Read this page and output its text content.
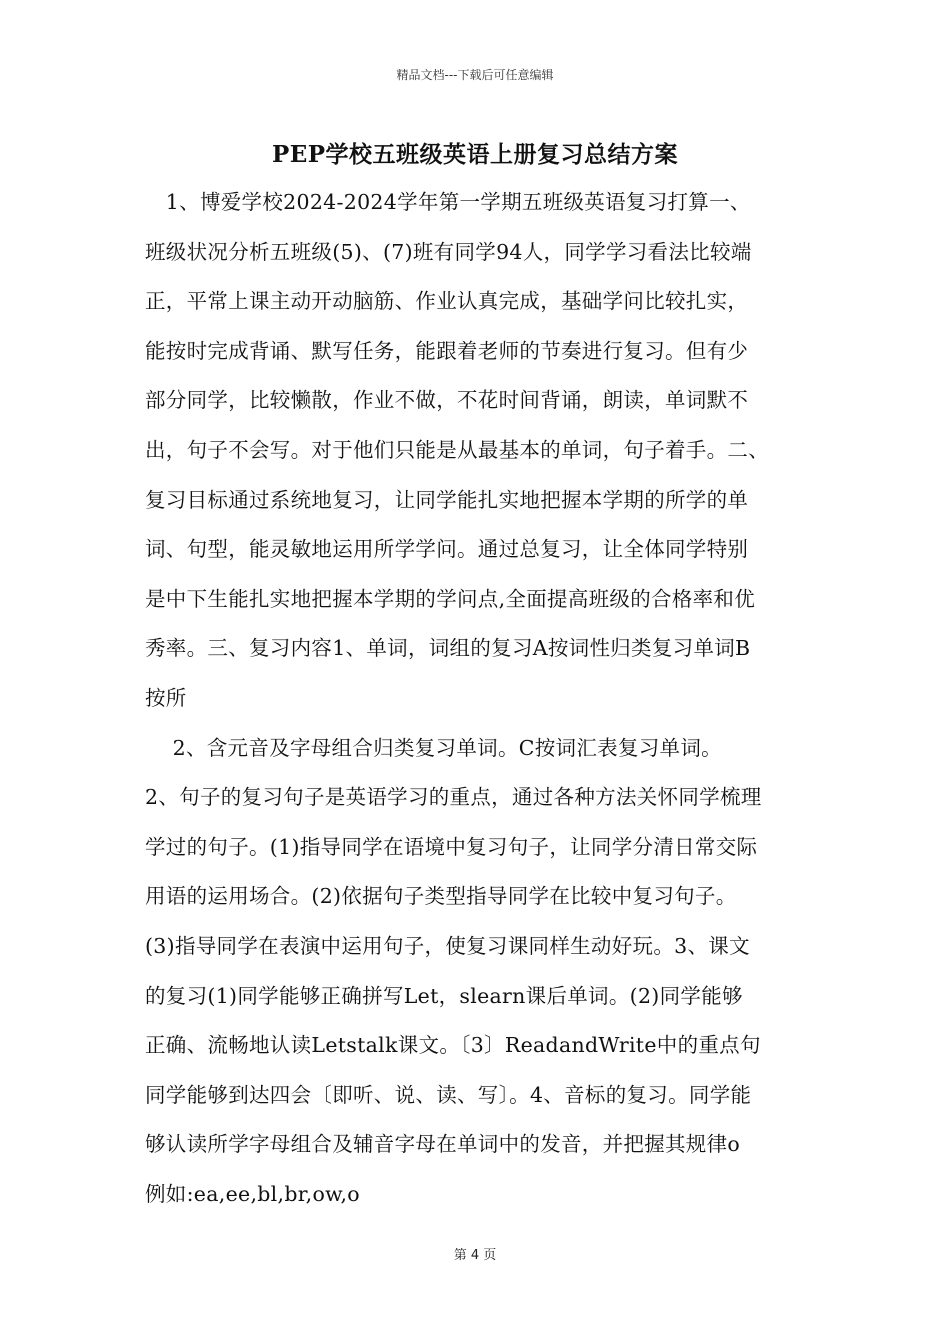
精品文档---下载后可任意编辑
PEP学校五班级英语上册复习总结方案
　1、博爱学校2024-2024学年第一学期五班级英语复习打算一、
班级状况分析五班级(5)、(7)班有同学94人，同学学习看法比较端
正，平常上课主动开动脑筋、作业认真完成，基础学问比较扎实，
能按时完成背诵、默写任务，能跟着老师的节奏进行复习。但有少
部分同学，比较懒散，作业不做，不花时间背诵，朗读，单词默不
出，句子不会写。对于他们只能是从最基本的单词，句子着手。二、
复习目标通过系统地复习，让同学能扎实地把握本学期的所学的单
词、句型，能灵敏地运用所学学问。通过总复习，让全体同学特别
是中下生能扎实地把握本学期的学问点,全面提高班级的合格率和优
秀率。三、复习内容1、单词，词组的复习A按词性归类复习单词B
按所
　 2、含元音及字母组合归类复习单词。C按词汇表复习单词。
2、句子的复习句子是英语学习的重点，通过各种方法关怀同学梳理
学过的句子。(1)指导同学在语境中复习句子，让同学分清日常交际
用语的运用场合。(2)依据句子类型指导同学在比较中复习句子。
(3)指导同学在表演中运用句子，使复习课同样生动好玩。3、课文
的复习(1)同学能够正确拼写Let，slearn课后单词。(2)同学能够
正确、流畅地认读Letstalk课文。〔3〕ReadandWrite中的重点句
同学能够到达四会〔即听、说、读、写〕。4、音标的复习。同学能
够认读所学字母组合及辅音字母在单词中的发音，并把握其规律o
例如:ea,ee,bl,br,ow,o
第 4 页
